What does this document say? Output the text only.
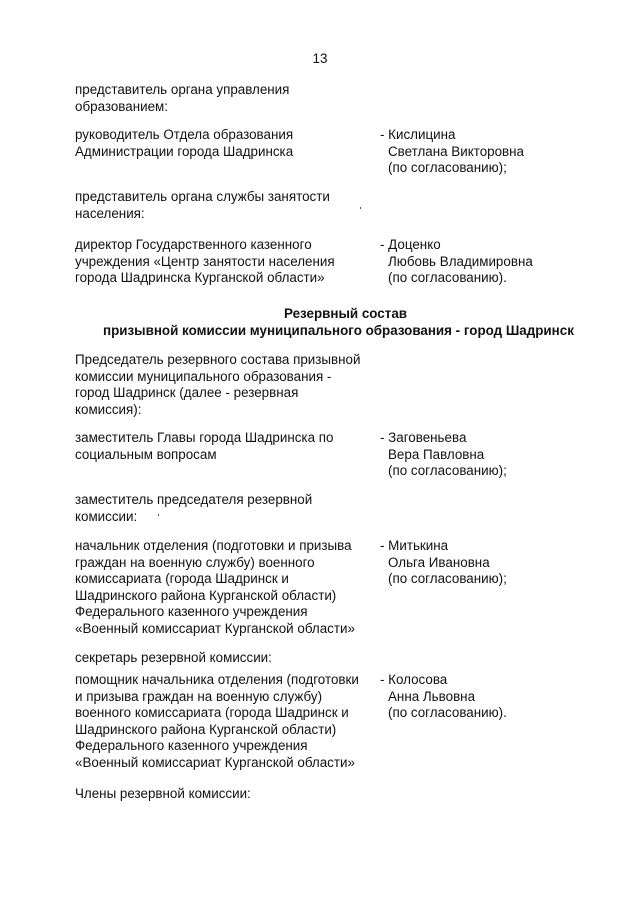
13
представитель органа управления
образованием:
руководитель Отдела образования
Администрации города Шадринска
- Кислицина
Светлана Викторовна
(по согласованию);
представитель органа службы занятости
населения:
директор Государственного казенного
учреждения «Центр занятости населения
города Шадринска Курганской области»
- Доценко
Любовь Владимировна
(по согласованию).
Резервный состав
призывной комиссии муниципального образования - город Шадринск
Председатель резервного состава призывной
комиссии муниципального образования -
город Шадринск (далее - резервная
комиссия):
заместитель Главы города Шадринска по
социальным вопросам
- Заговеньева
Вера Павловна
(по согласованию);
заместитель председателя резервной
комиссии:
начальник отделения (подготовки и призыва
граждан на военную службу) военного
комиссариата (города Шадринск и
Шадринского района Курганской области)
Федерального казенного учреждения
«Военный комиссариат Курганской области»
- Митькина
Ольга Ивановна
(по согласованию);
секретарь резервной комиссии:
помощник начальника отделения (подготовки
и призыва граждан на военную службу)
военного комиссариата (города Шадринск и
Шадринского района Курганской области)
Федерального казенного учреждения
«Военный комиссариат Курганской области»
- Колосова
Анна Львовна
(по согласованию).
Члены резервной комиссии:
